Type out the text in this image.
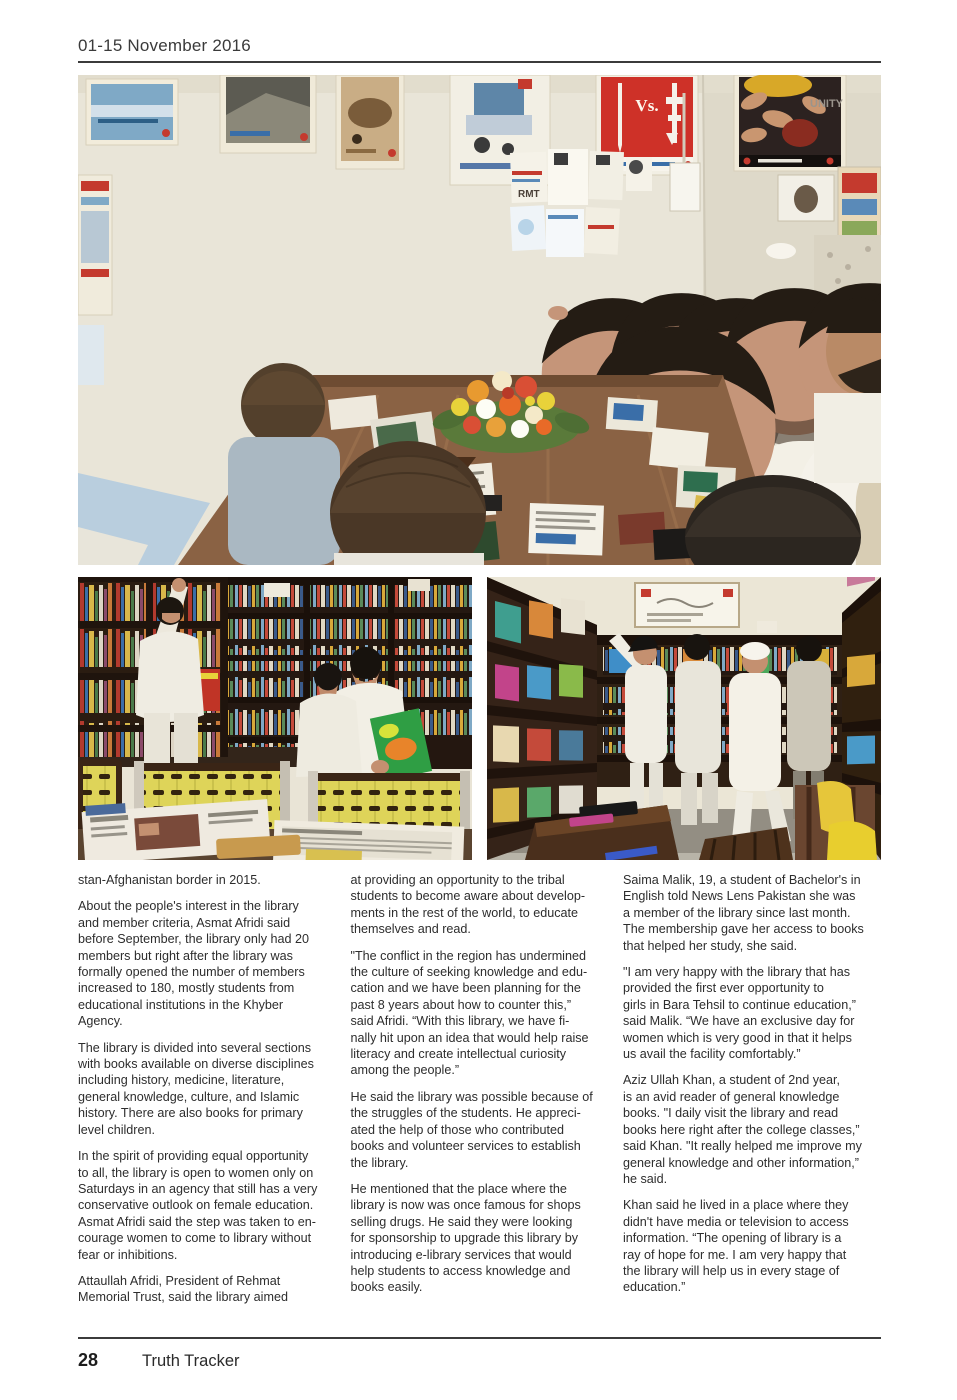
01-15 November 2016
Vs.	UNITY
RMT

stan-Afghanistan border in 2015.

About the people's interest in the library
and member criteria, Asmat Afridi said
before September, the library only had 20
members but right after the library was
formally opened the number of members
increased to 180, mostly students from
educational institutions in the Khyber
Agency.

The library is divided into several sections
with books available on diverse disciplines
including history, medicine, literature,
general knowledge, culture, and Islamic
history. There are also books for primary
level children.

In the spirit of providing equal opportunity
to all, the library is open to women only on
Saturdays in an agency that still has a very
conservative outlook on female education.
Asmat Afridi said the step was taken to en-
courage women to come to library without
fear or inhibitions.

Attaullah Afridi, President of Rehmat
Memorial Trust, said the library aimed

at providing an opportunity to the tribal
students to become aware about develop-
ments in the rest of the world, to educate
themselves and read.

"The conflict in the region has undermined
the culture of seeking knowledge and edu-
cation and we have been planning for the
past 8 years about how to counter this,”
said Afridi. “With this library, we have fi-
nally hit upon an idea that would help raise
literacy and create intellectual curiosity
among the people.”

He said the library was possible because of
the struggles of the students. He appreci-
ated the help of those who contributed
books and volunteer services to establish
the library.

He mentioned that the place where the
library is now was once famous for shops
selling drugs. He said they were looking
for sponsorship to upgrade this library by
introducing e-library services that would
help students to access knowledge and
books easily.

Saima Malik, 19, a student of Bachelor's in
English told News Lens Pakistan she was
a member of the library since last month.
The membership gave her access to books
that helped her study, she said.

"I am very happy with the library that has
provided the first ever opportunity to
girls in Bara Tehsil to continue education,”
said Malik. “We have an exclusive day for
women which is very good in that it helps
us avail the facility comfortably.”

Aziz Ullah Khan, a student of 2nd year,
is an avid reader of general knowledge
books. "I daily visit the library and read
books here right after the college classes,”
said Khan. "It really helped me improve my
general knowledge and other information,”
he said.

Khan said he lived in a place where they
didn't have media or television to access
information. “The opening of library is a
ray of hope for me. I am very happy that
the library will help us in every stage of
education.”

28	Truth Tracker
